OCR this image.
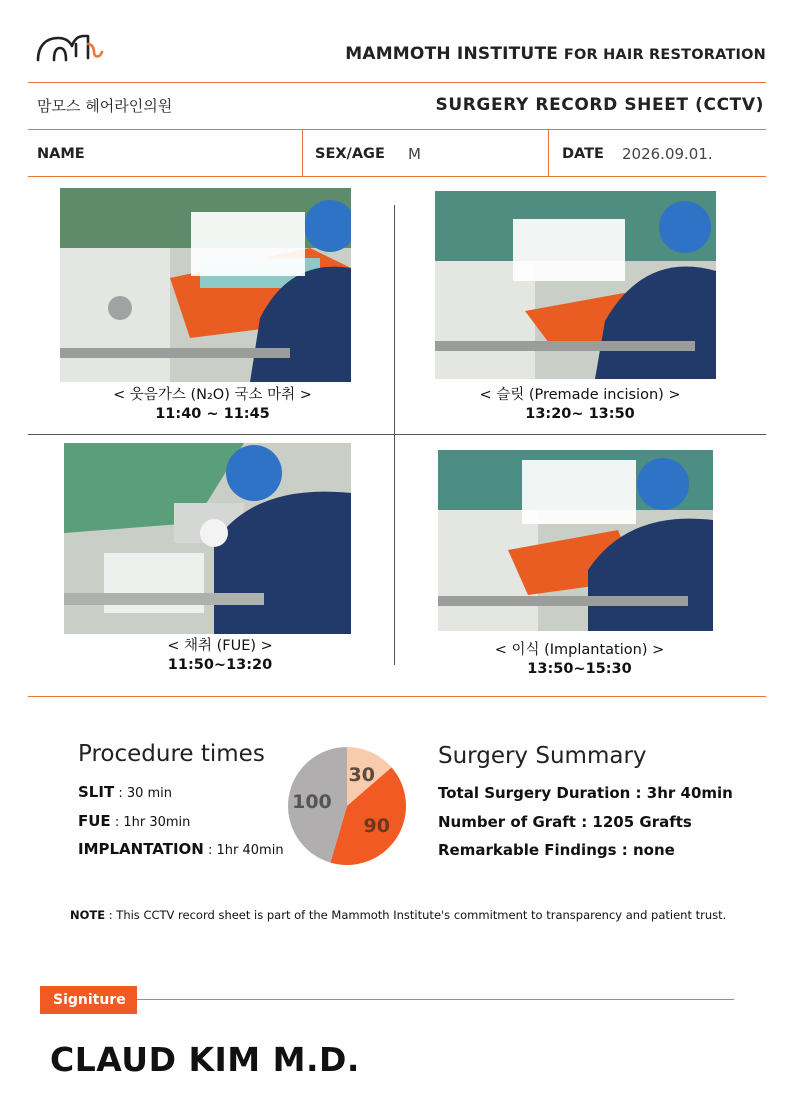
MAMMOTH INSTITUTE FOR HAIR RESTORATION
맘모스 헤어라인의원	SURGERY RECORD SHEET (CCTV)
NAME	SEX/AGE M	DATE 2026.09.01.
< 웃음가스 (N₂O) 국소 마취 >
11:40 ~ 11:45
< 슬릿 (Premade incision) >
13:20~ 13:50
< 채취 (FUE) >
11:50~13:20
< 이식 (Implantation) >
13:50~15:30
Procedure times
SLIT : 30 min
FUE : 1hr 30min
IMPLANTATION : 1hr 40min
30
90
100
Surgery Summary
Total Surgery Duration : 3hr 40min
Number of Graft : 1205 Grafts
Remarkable Findings : none
NOTE : This CCTV record sheet is part of the Mammoth Institute's commitment to transparency and patient trust.
Signiture
CLAUD KIM M.D.
